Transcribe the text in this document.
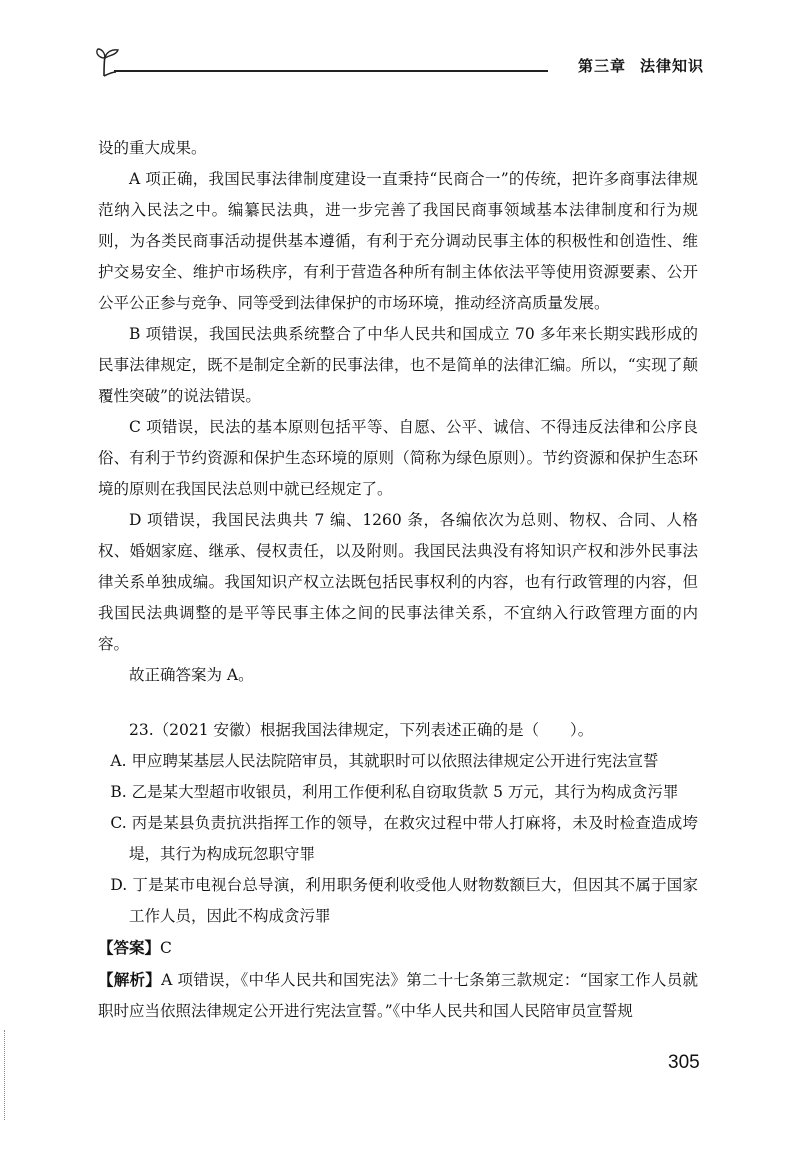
第三章 法律知识

设的重大成果。

A 项正确，我国民事法律制度建设一直秉持“民商合一”的传统，把许多商事法律规范纳入民法之中。编纂民法典，进一步完善了我国民商事领域基本法律制度和行为规则，为各类民商事活动提供基本遵循，有利于充分调动民事主体的积极性和创造性、维护交易安全、维护市场秩序，有利于营造各种所有制主体依法平等使用资源要素、公开公平公正参与竞争、同等受到法律保护的市场环境，推动经济高质量发展。

B 项错误，我国民法典系统整合了中华人民共和国成立 70 多年来长期实践形成的民事法律规定，既不是制定全新的民事法律，也不是简单的法律汇编。所以，“实现了颠覆性突破”的说法错误。

C 项错误，民法的基本原则包括平等、自愿、公平、诚信、不得违反法律和公序良俗、有利于节约资源和保护生态环境的原则（简称为绿色原则）。节约资源和保护生态环境的原则在我国民法总则中就已经规定了。

D 项错误，我国民法典共 7 编、1260 条，各编依次为总则、物权、合同、人格权、婚姻家庭、继承、侵权责任，以及附则。我国民法典没有将知识产权和涉外民事法律关系单独成编。我国知识产权立法既包括民事权利的内容，也有行政管理的内容，但我国民法典调整的是平等民事主体之间的民事法律关系，不宜纳入行政管理方面的内容。

故正确答案为 A。

23.（2021 安徽）根据我国法律规定，下列表述正确的是（　　）。

A. 甲应聘某基层人民法院陪审员，其就职时可以依照法律规定公开进行宪法宣誓

B. 乙是某大型超市收银员，利用工作便利私自窃取货款 5 万元，其行为构成贪污罪

C. 丙是某县负责抗洪指挥工作的领导，在救灾过程中带人打麻将，未及时检查造成垮堤，其行为构成玩忽职守罪

D. 丁是某市电视台总导演，利用职务便利收受他人财物数额巨大，但因其不属于国家工作人员，因此不构成贪污罪

【答案】C

【解析】A 项错误，《中华人民共和国宪法》第二十七条第三款规定：“国家工作人员就职时应当依照法律规定公开进行宪法宣誓。”《中华人民共和国人民陪审员宣誓规

305
